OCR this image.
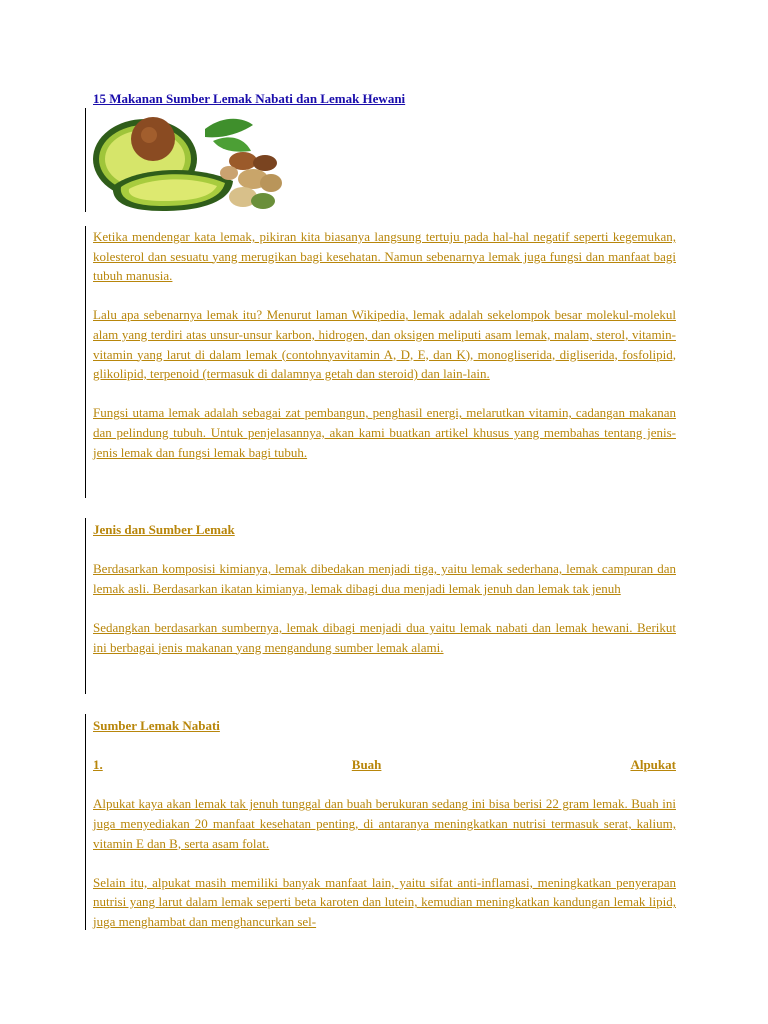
15 Makanan Sumber Lemak Nabati dan Lemak Hewani

Ketika mendengar kata lemak, pikiran kita biasanya langsung tertuju pada hal-hal negatif seperti kegemukan, kolesterol dan sesuatu yang merugikan bagi kesehatan. Namun sebenarnya lemak juga fungsi dan manfaat bagi tubuh manusia.

Lalu apa sebenarnya lemak itu? Menurut laman Wikipedia, lemak adalah sekelompok besar molekul-molekul alam yang terdiri atas unsur-unsur karbon, hidrogen, dan oksigen meliputi asam lemak, malam, sterol, vitamin-vitamin yang larut di dalam lemak (contohnyavitamin A, D, E, dan K), monogliserida, digliserida, fosfolipid, glikolipid, terpenoid (termasuk di dalamnya getah dan steroid) dan lain-lain.

Fungsi utama lemak adalah sebagai zat pembangun, penghasil energi, melarutkan vitamin, cadangan makanan dan pelindung tubuh. Untuk penjelasannya, akan kami buatkan artikel khusus yang membahas tentang jenis-jenis lemak dan fungsi lemak bagi tubuh.

Jenis dan Sumber Lemak

Berdasarkan komposisi kimianya, lemak dibedakan menjadi tiga, yaitu lemak sederhana, lemak campuran dan lemak asli. Berdasarkan ikatan kimianya, lemak dibagi dua menjadi lemak jenuh dan lemak tak jenuh

Sedangkan berdasarkan sumbernya, lemak dibagi menjadi dua yaitu lemak nabati dan lemak hewani. Berikut ini berbagai jenis makanan yang mengandung sumber lemak alami.

Sumber Lemak Nabati

1.	Buah	Alpukat

Alpukat kaya akan lemak tak jenuh tunggal dan buah berukuran sedang ini bisa berisi 22 gram lemak. Buah ini juga menyediakan 20 manfaat kesehatan penting, di antaranya meningkatkan nutrisi termasuk serat, kalium, vitamin E dan B, serta asam folat.

Selain itu, alpukat masih memiliki banyak manfaat lain, yaitu sifat anti-inflamasi, meningkatkan penyerapan nutrisi yang larut dalam lemak seperti beta karoten dan lutein, kemudian meningkatkan kandungan lemak lipid, juga menghambat dan menghancurkan sel-
